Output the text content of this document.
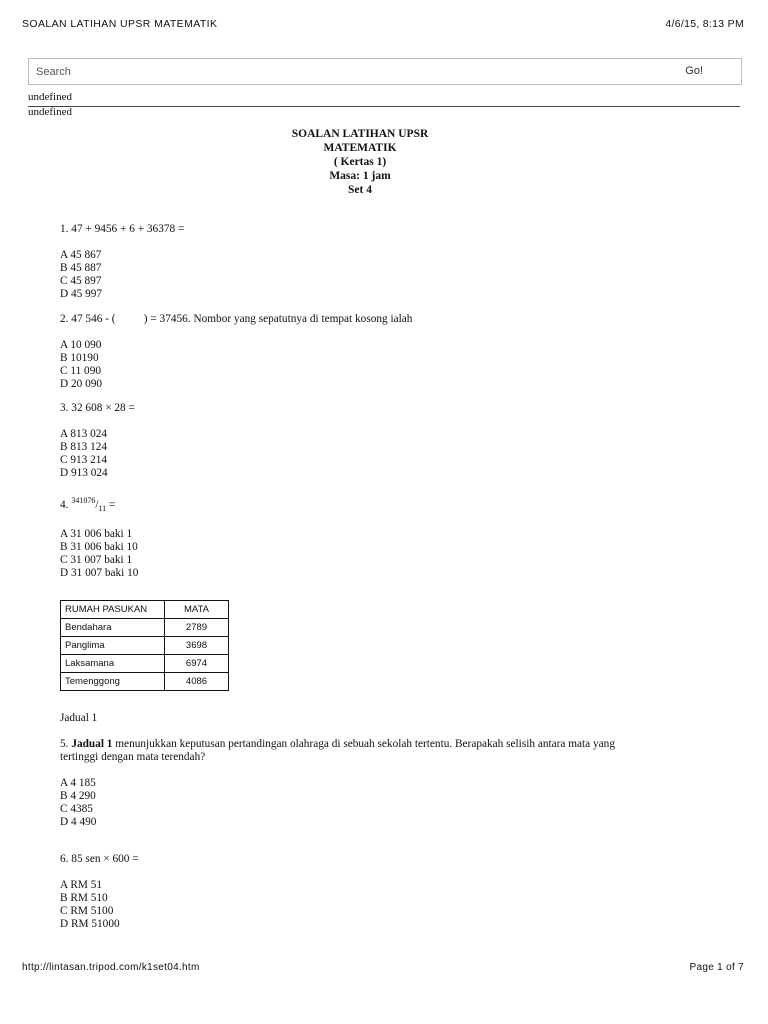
SOALAN LATIHAN UPSR MATEMATIK	4/6/15, 8:13 PM
Search
Go!
undefined
undefined
SOALAN LATIHAN UPSR
MATEMATIK
( Kertas 1)
Masa: 1 jam
Set 4

1. 47 + 9456 + 6 + 36378 =

A 45 867

B 45 887

C 45 897

D 45 997

2. 47 546 - (          ) = 37456. Nombor yang sepatutnya di tempat kosong ialah

A 10 090

B 10190

C 11 090

D 20 090

3. 32 608 × 28 =

A 813 024

B 813 124

C 913 214

D 913 024

4. $^{341076}/_{11}$ =

A 31 006 baki 1

B 31 006 baki 10

C 31 007 baki 1

D 31 007 baki 10

RUMAH PASUKAN	MATA
Bendahara	2789
Panglima	3698
Laksamana	6974
Temenggong	4086

Jadual 1

5. Jadual 1 menunjukkan keputusan pertandingan olahraga di sebuah sekolah tertentu. Berapakah selisih antara mata yang

tertinggi dengan mata terendah?

A 4 185

B 4 290

C 4385

D 4 490

6. 85 sen × 600 =

A RM 51

B RM 510

C RM 5100

D RM 51000

http://lintasan.tripod.com/k1set04.htm	Page 1 of 7
